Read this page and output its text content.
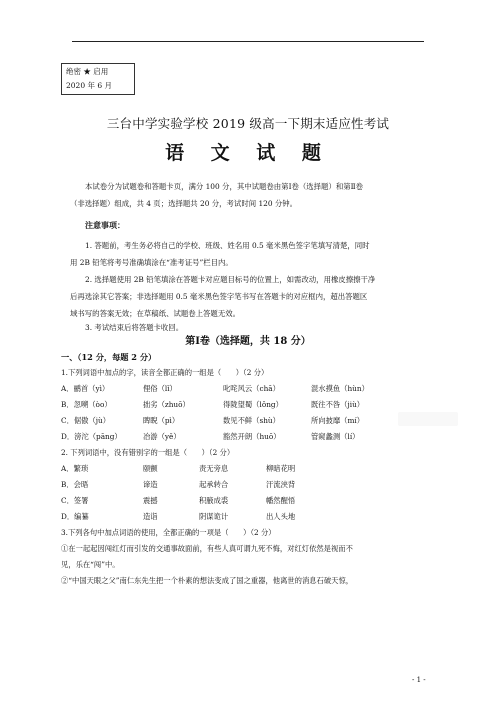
绝密 ★ 启用
2020 年 6 月
三台中学实验学校 2019 级高一下期末适应性考试
语 文 试 题
本试卷分为试题卷和答题卡页，满分 100 分，其中试题卷由第Ⅰ卷（选择题）和第Ⅱ卷
（非选择题）组成，共 4 页；选择题共 20 分，考试时间 120 分钟。
注意事项：
1. 答题前，考生务必将自己的学校、班级、姓名用 0.5 毫米黑色签字笔填写清楚，同时
用 2B 铅笔将考号准确填涂在“准考证号”栏目内。
2. 选择题使用 2B 铅笔填涂在答题卡对应题目标号的位置上，如需改动，用橡皮擦擦干净
后再选涂其它答案；非选择题用 0.5 毫米黑色签字笔书写在答题卡的对应框内，超出答题区
域书写的答案无效；在草稿纸、试题卷上答题无效。
3. 考试结束后将答题卡收回。
第Ⅰ卷（选择题，共 18 分）
一、（12 分，每题 2 分）
1.下列词语中加点的字，读音全都正确的一组是（　　）（2 分）
A．鹂首（yì）	俚俗（lǐ）	叱咤风云（chā）	混水摸鱼（hùn）
B．忽嗍（òo）	拙劣（zhuō）	得陇望蜀（lǒng）	既往不咎（jiù）
C．倨傲（jù）	睥睨（pì）	数见不鲜（shù）	所向披靡（mí）
D．滂沱（pāng）	冶游（yě）	豁然开朗（huō）	管窥蠡测（lí）
2. 下列词语中，没有错别字的一组是（　　）（2 分）
A．繁琐	颐颤	责无旁息	柳暗花明
B．会晤	谛造	起承转合	汗流浃背
C．签署	震撼	积腋成裘	幡然醒悟
D．编纂	造诣	阴谋诡计	出人头地
3.下列各句中加点词语的使用，全都正确的一项是（　　）（2 分）
①在一起起因闯红灯而引发的交通事故面前，有些人真可谓九死不悔，对红灯依然是视而不
见，乐在“闯”中。
②“中国天眼之父”南仁东先生把一个朴素的想法变成了国之重器，他离世的消息石破天惊，
- 1 -
